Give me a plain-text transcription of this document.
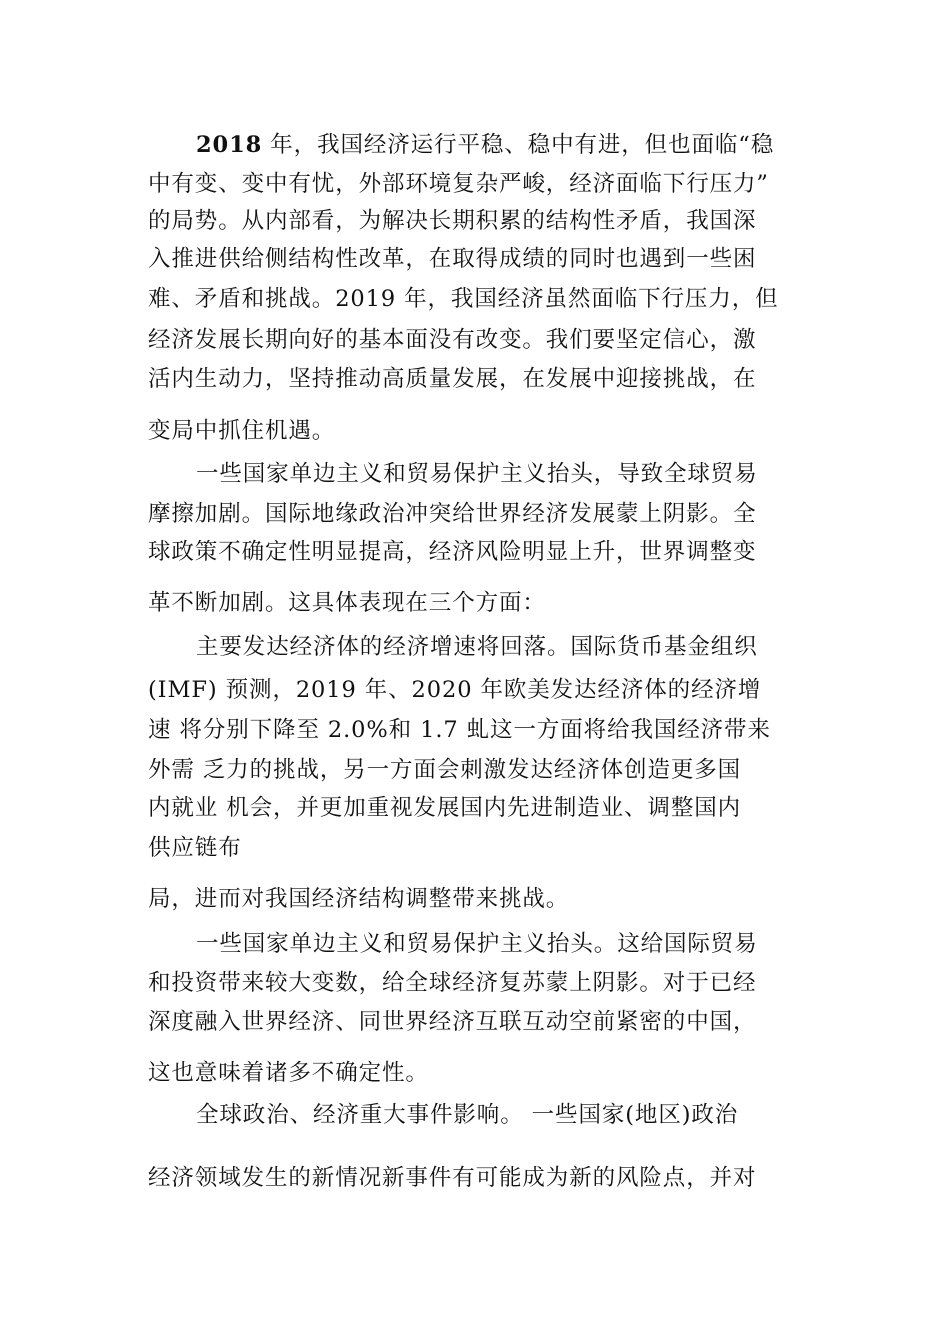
2018 年，我国经济运行平稳、稳中有进，但也面临“稳
中有变、变中有忧，外部环境复杂严峻，经济面临下行压力”
的局势。从内部看，为解决长期积累的结构性矛盾，我国深
入推进供给侧结构性改革，在取得成绩的同时也遇到一些困
难、矛盾和挑战。2019 年，我国经济虽然面临下行压力，但
经济发展长期向好的基本面没有改变。我们要坚定信心，激
活内生动力，坚持推动高质量发展，在发展中迎接挑战，在
变局中抓住机遇。
一些国家单边主义和贸易保护主义抬头，导致全球贸易
摩擦加剧。国际地缘政治冲突给世界经济发展蒙上阴影。全
球政策不确定性明显提高，经济风险明显上升，世界调整变
革不断加剧。这具体表现在三个方面：
主要发达经济体的经济增速将回落。国际货币基金组织
(IMF) 预测，2019 年、2020 年欧美发达经济体的经济增
速 将分别下降至 2.0%和 1.7 虬这一方面将给我国经济带来
外需 乏力的挑战，另一方面会刺激发达经济体创造更多国
内就业 机会，并更加重视发展国内先进制造业、调整国内
供应链布
局，进而对我国经济结构调整带来挑战。
一些国家单边主义和贸易保护主义抬头。这给国际贸易
和投资带来较大变数，给全球经济复苏蒙上阴影。对于已经
深度融入世界经济、同世界经济互联互动空前紧密的中国，
这也意味着诸多不确定性。
全球政治、经济重大事件影响。 一些国家(地区)政治
经济领域发生的新情况新事件有可能成为新的风险点，并对
